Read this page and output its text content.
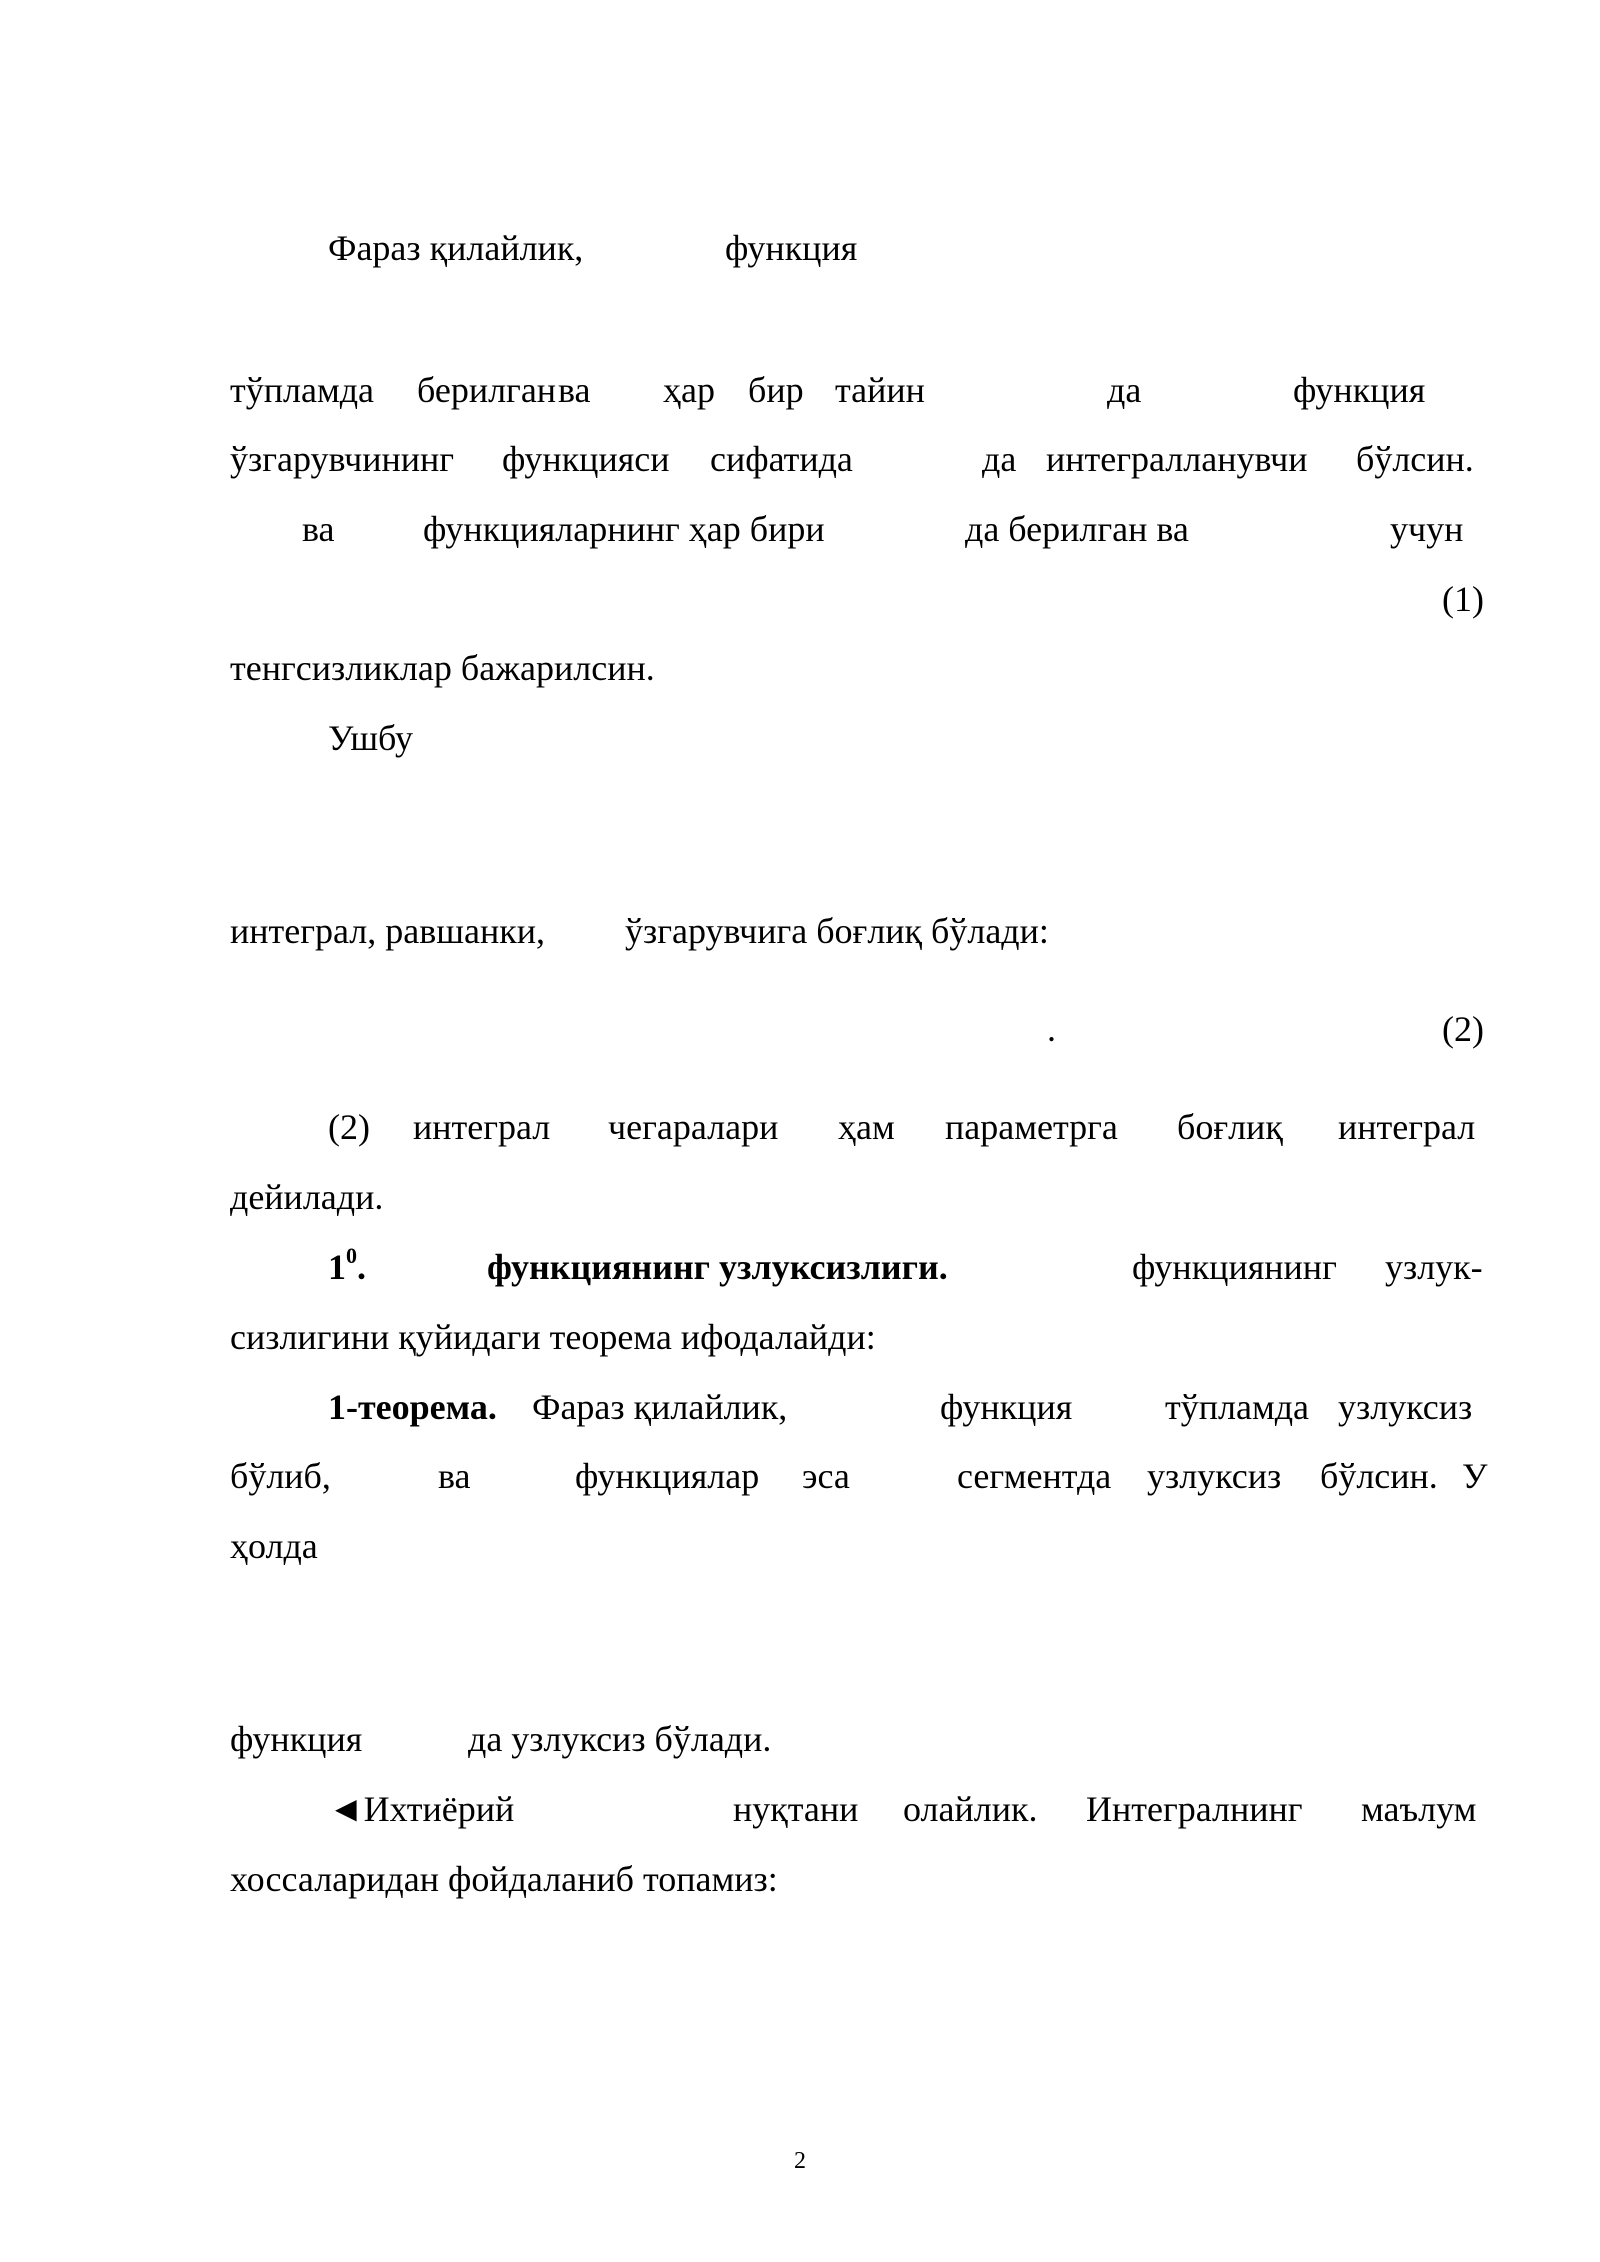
Фараз қилайлик,	функция
тўпламда берилган ва ҳар бир тайин	да	функция
ўзгарувчининг функцияси сифатида	да интегралланувчи бўлсин.
ва функцияларнинг ҳар бири	да берилган ва	учун
(1)
тенгсизликлар бажарилсин.
Ушбу
интеграл, равшанки, ўзгарувчига боғлиқ бўлади:
.	(2)
(2) интеграл чегаралари ҳам параметрга боғлиқ интеграл
дейилади.
$1^0$.	функциянинг узлуксизлиги.	функциянинг узлук-
сизлигини қуйидаги теорема ифодалайди:
1-теорема. Фараз қилайлик,	функция	тўпламда узлуксиз
бўлиб,	ва	функциялар эса	сегментда узлуксиз бўлсин. У
ҳолда
функция	да узлуксиз бўлади.
◄Ихтиёрий	нуқтани олайлик. Интегралнинг маълум
хоссаларидан фойдаланиб топамиз:
2
